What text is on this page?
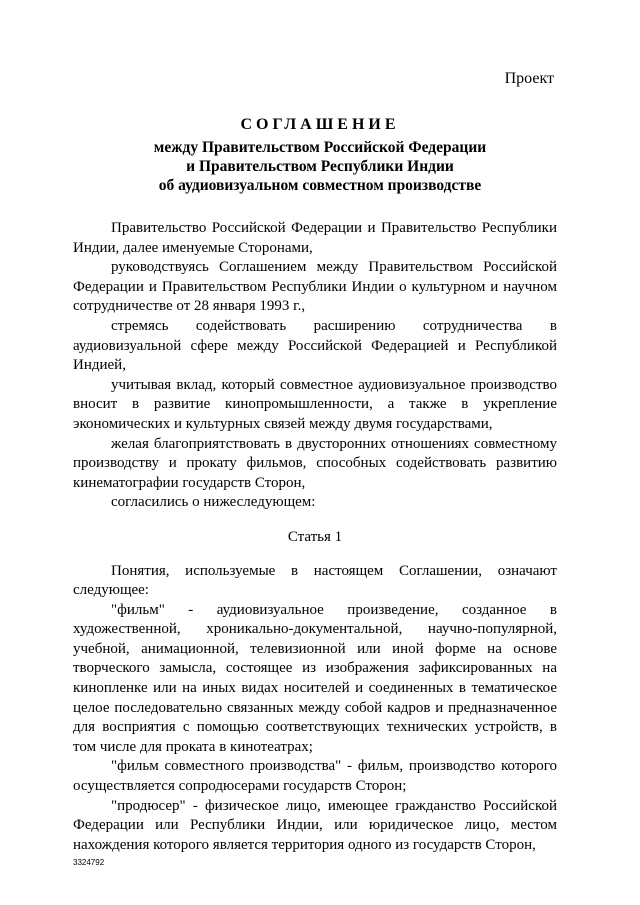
Проект
СОГЛАШЕНИЕ
между Правительством Российской Федерации
и Правительством Республики Индии
об аудиовизуальном совместном производстве

Правительство Российской Федерации и Правительство Республики Индии, далее именуемые Сторонами,

руководствуясь Соглашением между Правительством Российской Федерации и Правительством Республики Индии о культурном и научном сотрудничестве от 28 января 1993 г.,

стремясь содействовать расширению сотрудничества в аудиовизуальной сфере между Российской Федерацией и Республикой Индией,

учитывая вклад, который совместное аудиовизуальное производство вносит в развитие кинопромышленности, а также в укрепление экономических и культурных связей между двумя государствами,

желая благоприятствовать в двусторонних отношениях совместному производству и прокату фильмов, способных содействовать развитию кинематографии государств Сторон,

согласились о нижеследующем:

Статья 1

Понятия, используемые в настоящем Соглашении, означают следующее:

"фильм" - аудиовизуальное произведение, созданное в художественной, хроникально-документальной, научно-популярной, учебной, анимационной, телевизионной или иной форме на основе творческого замысла, состоящее из изображения зафиксированных на кинопленке или на иных видах носителей и соединенных в тематическое целое последовательно связанных между собой кадров и предназначенное для восприятия с помощью соответствующих технических устройств, в том числе для проката в кинотеатрах;

"фильм совместного производства" - фильм, производство которого осуществляется сопродюсерами государств Сторон;

"продюсер" - физическое лицо, имеющее гражданство Российской Федерации или Республики Индии, или юридическое лицо, местом нахождения которого является территория одного из государств Сторон,

3324792
